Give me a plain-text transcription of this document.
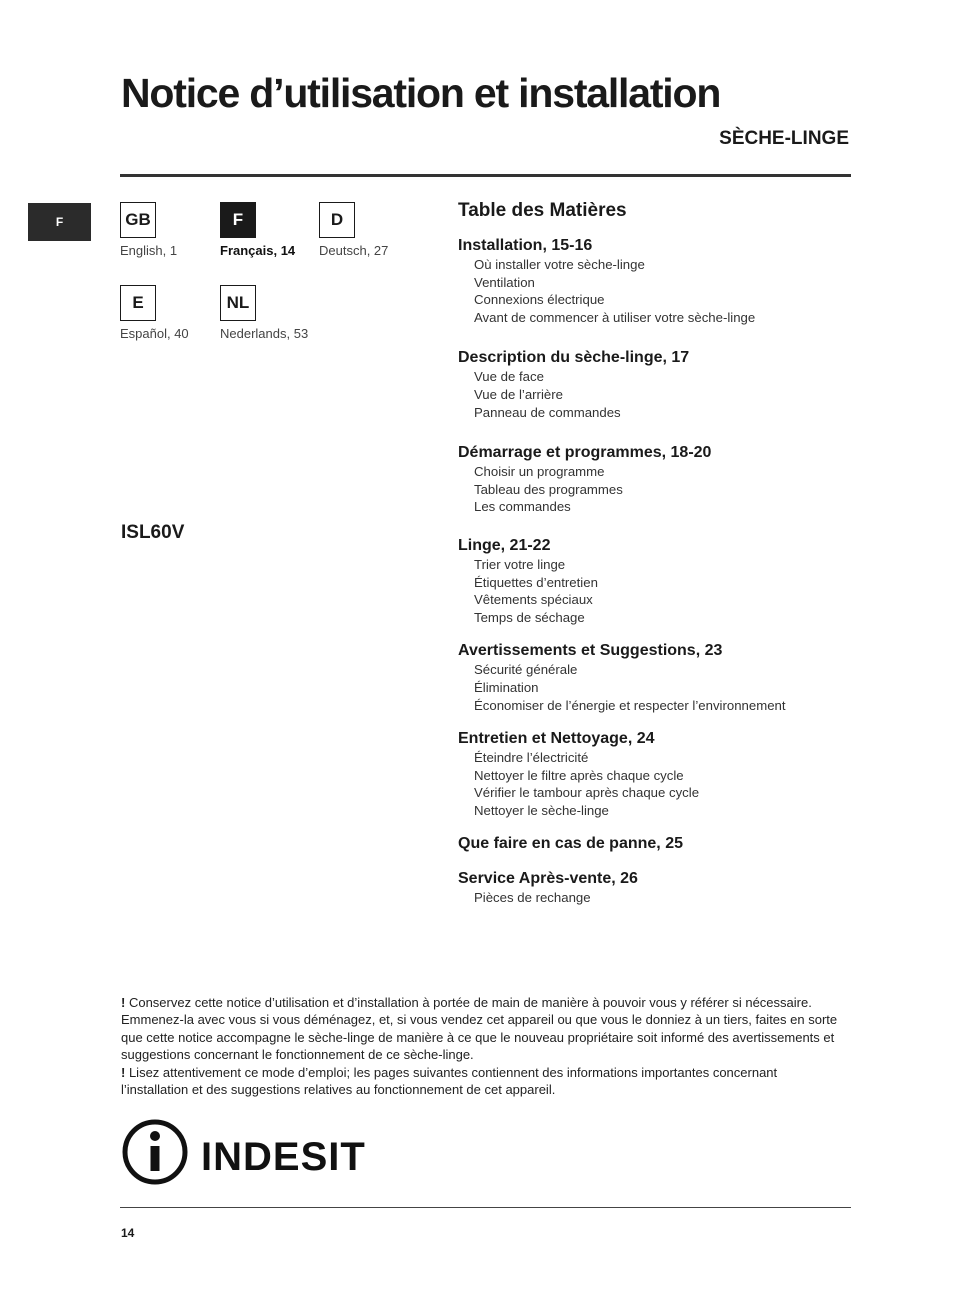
Notice d’utilisation et installation
SÈCHE-LINGE
F	GB
English, 1
F
Français, 14
D
Deutsch, 27
E
Español, 40
NL
Nederlands, 53
ISL60V
Table des Matières
Installation, 15-16
Où installer votre sèche-linge
Ventilation
Connexions électrique
Avant de commencer à utiliser votre sèche-linge
Description du sèche-linge, 17
Vue de face
Vue de l’arrière
Panneau de commandes
Démarrage et programmes, 18-20
Choisir un programme
Tableau des programmes
Les commandes
Linge, 21-22
Trier votre linge
Étiquettes d’entretien
Vêtements spéciaux
Temps de séchage
Avertissements et Suggestions, 23
Sécurité générale
Élimination
Économiser de l’énergie et respecter l’environnement
Entretien et Nettoyage, 24
Éteindre l’électricité
Nettoyer le filtre après chaque cycle
Vérifier le tambour après chaque cycle
Nettoyer le sèche-linge
Que faire en cas de panne, 25
Service Après-vente, 26
Pièces de rechange
! Conservez cette notice d’utilisation et d’installation à portée de main de manière à pouvoir vous y référer si nécessaire. Emmenez-la avec vous si vous déménagez, et, si vous vendez cet appareil ou que vous le donniez à un tiers, faites en sorte que cette notice accompagne le sèche-linge de manière à ce que le nouveau propriétaire soit informé des avertissements et suggestions concernant le fonctionnement de ce sèche-linge.
! Lisez attentivement ce mode d’emploi; les pages suivantes contiennent des informations importantes concernant l’installation et des suggestions relatives au fonctionnement de cet appareil.
INDESIT
14
